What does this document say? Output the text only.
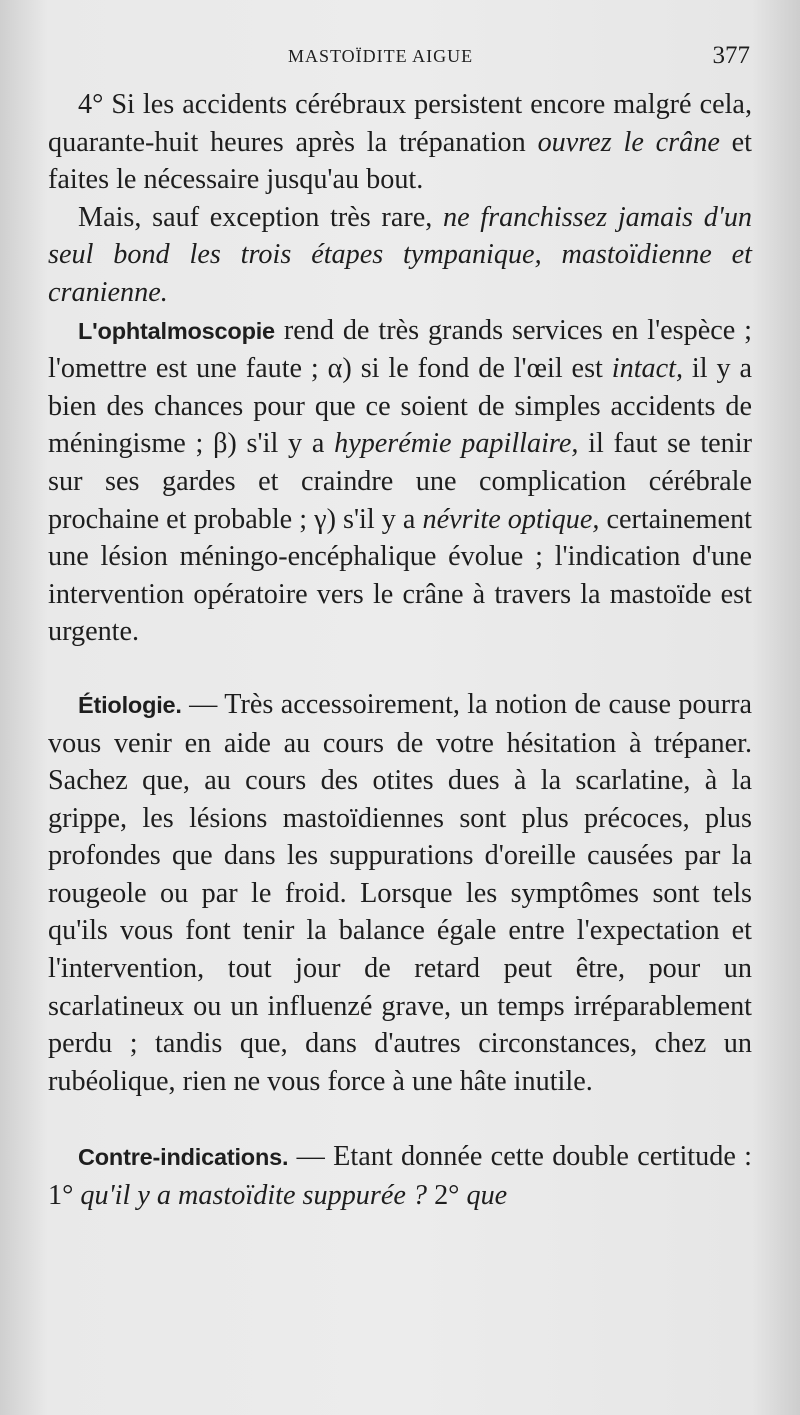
MASTOÏDITE AIGUE	377

4° Si les accidents cérébraux persistent encore malgré cela, quarante-huit heures après la trépanation ouvrez le crâne et faites le nécessaire jusqu'au bout.

Mais, sauf exception très rare, ne franchissez jamais d'un seul bond les trois étapes tympanique, mastoïdienne et cranienne.

L'ophtalmoscopie rend de très grands services en l'espèce ; l'omettre est une faute ; α) si le fond de l'œil est intact, il y a bien des chances pour que ce soient de simples accidents de méningisme ; β) s'il y a hyperémie papillaire, il faut se tenir sur ses gardes et craindre une complication cérébrale prochaine et probable ; γ) s'il y a névrite optique, certainement une lésion méningo-encéphalique évolue ; l'indication d'une intervention opératoire vers le crâne à travers la mastoïde est urgente.

Étiologie. — Très accessoirement, la notion de cause pourra vous venir en aide au cours de votre hésitation à trépaner. Sachez que, au cours des otites dues à la scarlatine, à la grippe, les lésions mastoïdiennes sont plus précoces, plus profondes que dans les suppurations d'oreille causées par la rougeole ou par le froid. Lorsque les symptômes sont tels qu'ils vous font tenir la balance égale entre l'expectation et l'intervention, tout jour de retard peut être, pour un scarlatineux ou un influenzé grave, un temps irréparablement perdu ; tandis que, dans d'autres circonstances, chez un rubéolique, rien ne vous force à une hâte inutile.

Contre-indications. — Etant donnée cette double certitude : 1° qu'il y a mastoïdite suppurée ? 2° que
